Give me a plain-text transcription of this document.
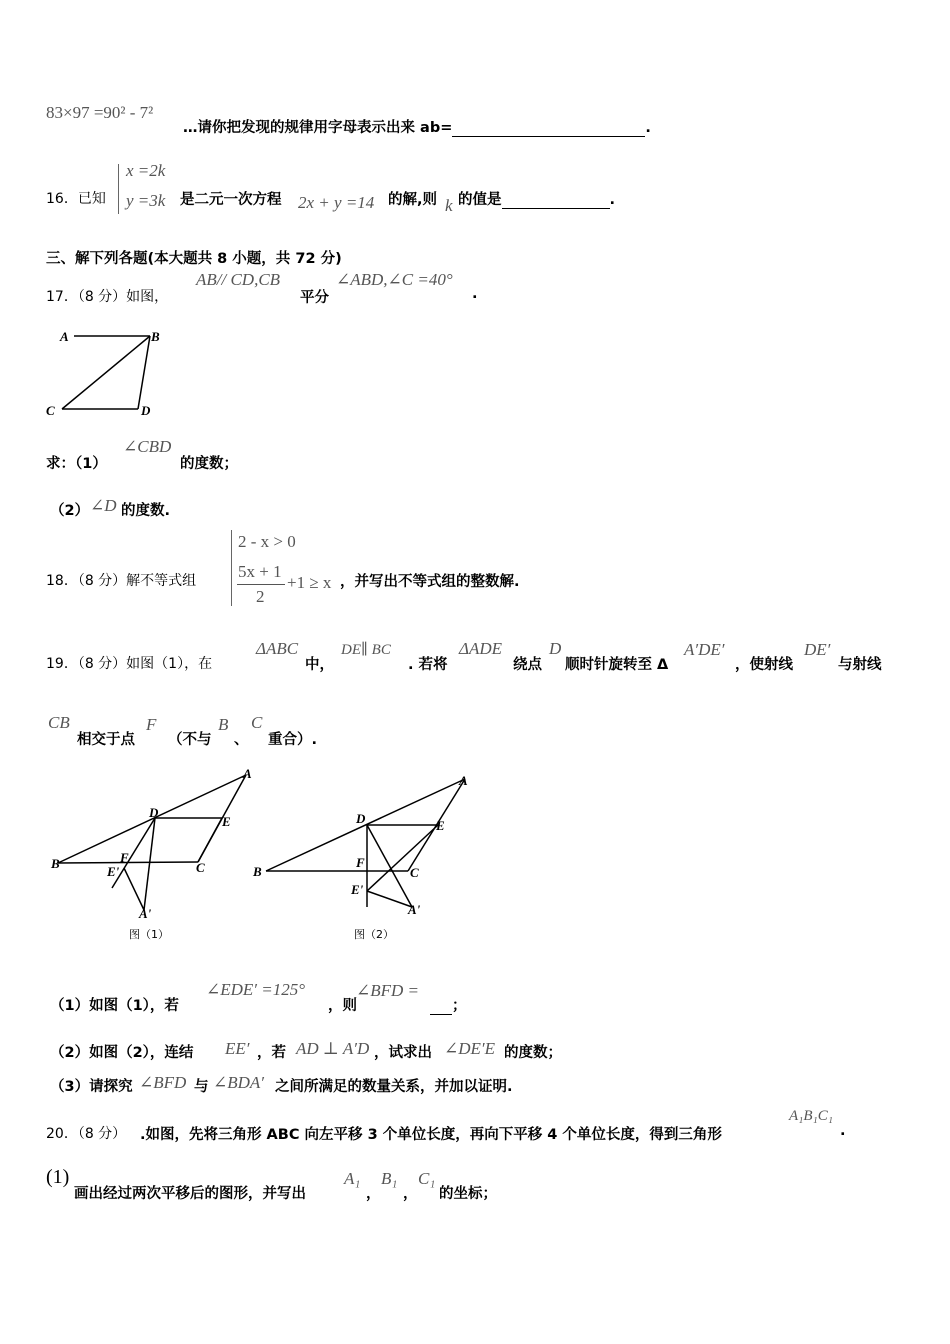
83×97 =90² - 7²
…请你把发现的规律用字母表示出来 ab=	.
16．已知
x =2k
y =3k 是二元一次方程 2x + y =14 的解,则 k 的值是	.
三、解下列各题(本大题共 8 小题，共 72 分)
17．（8 分）如图，
AB// CD,CB
平分
∠ABD,∠C =40°
.
A	B
C	D
求：（1）
∠CBD
的度数；
（2） ∠D 的度数.
18．（8 分）解不等式组
2 - x > 0
5x + 1
2
+1 ≥ x ，并写出不等式组的整数解.
19．（8 分）如图（1），在
ΔABC
中，
DE∥ BC
. 若将
ΔADE
绕点
D
顺时针旋转至 Δ
A′DE′
，使射线
DE′
与射线
CB
相交于点
F
（不与
B
、
C
重合）.
A
D
E
B	F
E'	C
A'
图（1）
A
D	E
B
F
C
E'
A'
图（2）
（1）如图（1），若
∠EDE′ =125°
，则
∠BFD =
；
（2）如图（2），连结 EE′ ，若 AD ⊥ A′D ，试求出 ∠DE′E 的度数；
（3）请探究 ∠BFD 与 ∠BDA′ 之间所满足的数量关系，并加以证明.
20．（8 分） .如图，先将三角形 ABC 向左平移 3 个单位长度，再向下平移 4 个单位长度，得到三角形
A₁B₁C₁
.
(1)
画出经过两次平移后的图形，并写出
A₁
，
B₁
，
C₁
的坐标；
